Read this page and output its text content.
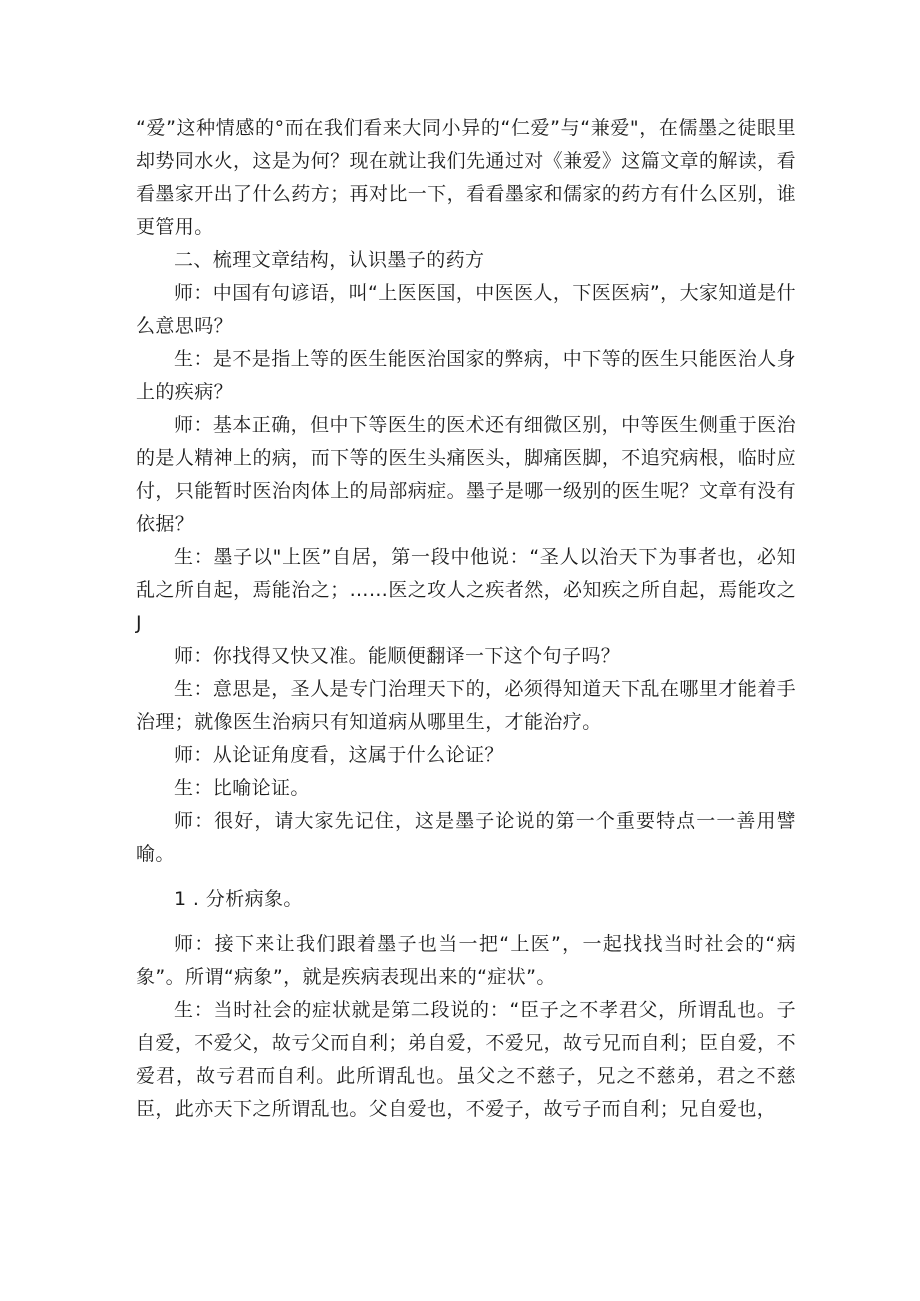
“爱”这种情感的°而在我们看来大同小异的“仁爱”与“兼爱"，在儒墨之徒眼里却势同水火，这是为何？现在就让我们先通过对《兼爱》这篇文章的解读，看看墨家开出了什么药方；再对比一下，看看墨家和儒家的药方有什么区别，谁更管用。

二、梳理文章结构，认识墨子的药方

师：中国有句谚语，叫“上医医国，中医医人，下医医病”，大家知道是什么意思吗？

生：是不是指上等的医生能医治国家的弊病，中下等的医生只能医治人身上的疾病？

师：基本正确，但中下等医生的医术还有细微区别，中等医生侧重于医治的是人精神上的病，而下等的医生头痛医头，脚痛医脚，不追究病根，临时应付，只能暂时医治肉体上的局部病症。墨子是哪一级别的医生呢？文章有没有依据？

生：墨子以"上医”自居，第一段中他说：“圣人以治天下为事者也，必知乱之所自起，焉能治之；……医之攻人之疾者然，必知疾之所自起，焉能攻之J

师：你找得又快又准。能顺便翻译一下这个句子吗？

生：意思是，圣人是专门治理天下的，必须得知道天下乱在哪里才能着手治理；就像医生治病只有知道病从哪里生，才能治疗。

师：从论证角度看，这属于什么论证？

生：比喻论证。

师：很好，请大家先记住，这是墨子论说的第一个重要特点一一善用譬喻。

1 . 分析病象。

师：接下来让我们跟着墨子也当一把“上医”，一起找找当时社会的“病象”。所谓“病象”，就是疾病表现出来的“症状”。

生：当时社会的症状就是第二段说的：“臣子之不孝君父，所谓乱也。子自爱，不爱父，故亏父而自利；弟自爱，不爱兄，故亏兄而自利；臣自爱，不爱君，故亏君而自利。此所谓乱也。虽父之不慈子，兄之不慈弟，君之不慈臣，此亦天下之所谓乱也。父自爱也，不爱子，故亏子而自利；兄自爱也，
